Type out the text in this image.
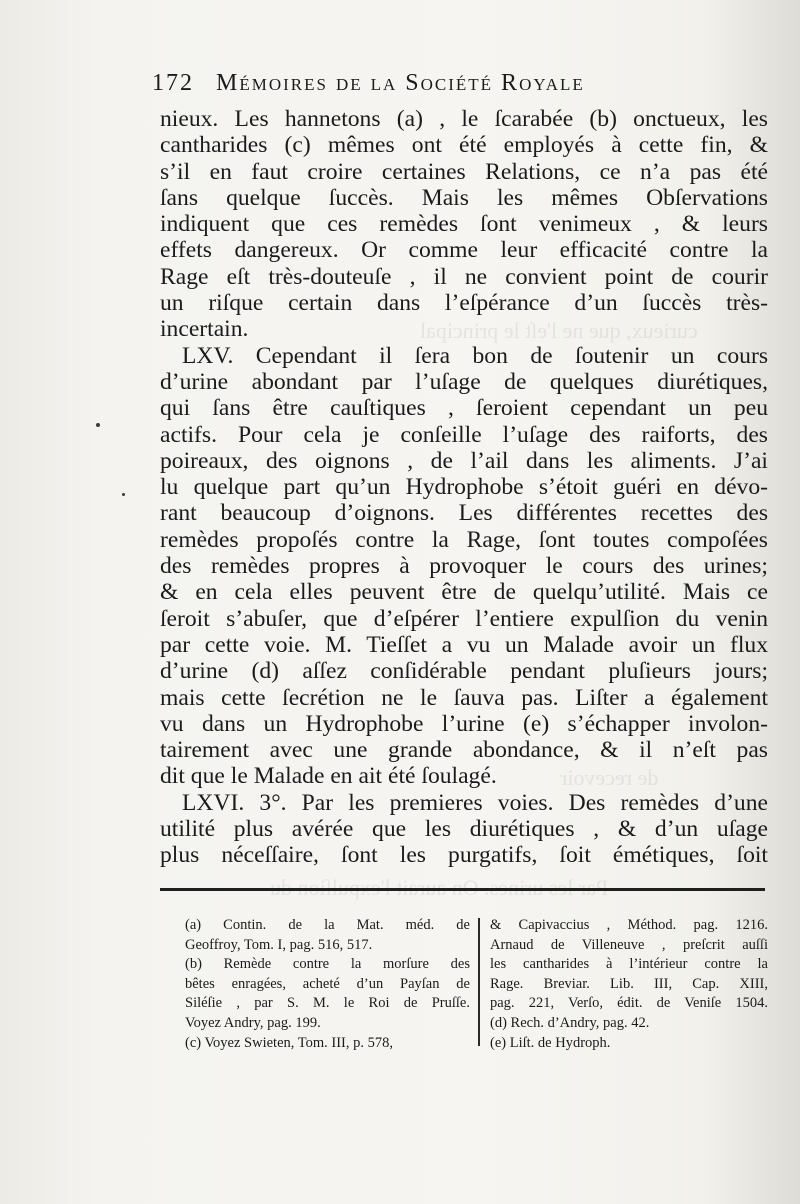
curieux, que ne l'eſt le principal
de recevoir
172 Mémoires de la Société Royale
nieux. Les hannetons (a) , le ſcarabée (b) onctueux, les
cantharides (c) mêmes ont été employés à cette fin, &
s’il en faut croire certaines Relations, ce n’a pas été
ſans quelque ſuccès. Mais les mêmes Obſervations
indiquent que ces remèdes ſont venimeux , & leurs
effets dangereux. Or comme leur efficacité contre la
Rage eſt très-douteuſe , il ne convient point de courir
un riſque certain dans l’eſpérance d’un ſuccès très-
incertain.
LXV. Cependant il ſera bon de ſoutenir un cours
d’urine abondant par l’uſage de quelques diurétiques,
qui ſans être cauſtiques , ſeroient cependant un peu
actifs. Pour cela je conſeille l’uſage des raiforts, des
poireaux, des oignons , de l’ail dans les aliments. J’ai
lu quelque part qu’un Hydrophobe s’étoit guéri en dévo-
rant beaucoup d’oignons. Les différentes recettes des
remèdes propoſés contre la Rage, ſont toutes compoſées
des remèdes propres à provoquer le cours des urines;
& en cela elles peuvent être de quelqu’utilité. Mais ce
ſeroit s’abuſer, que d’eſpérer l’entiere expulſion du venin
par cette voie. M. Tieſſet a vu un Malade avoir un flux
d’urine (d) aſſez conſidérable pendant pluſieurs jours;
mais cette ſecrétion ne le ſauva pas. Liſter a également
vu dans un Hydrophobe l’urine (e) s’échapper involon-
tairement avec une grande abondance, & il n’eſt pas
dit que le Malade en ait été ſoulagé.
LXVI. 3°. Par les premieres voies. Des remèdes d’une
utilité plus avérée que les diurétiques , & d’un uſage
plus néceſſaire, ſont les purgatifs, ſoit émétiques, ſoit
(a) Contin. de la Mat. méd. de
Geoffroy, Tom. I, pag. 516, 517.
(b) Remède contre la morſure des
bêtes enragées, acheté d’un Payſan de
Siléſie , par S. M. le Roi de Pruſſe.
Voyez Andry, pag. 199.
(c) Voyez Swieten, Tom. III, p. 578,
& Capivaccius , Méthod. pag. 1216.
Arnaud de Villeneuve , preſcrit auſſi
les cantharides à l’intérieur contre la
Rage. Breviar. Lib. III, Cap. XIII,
pag. 221, Verſo, édit. de Veniſe 1504.
(d) Rech. d’Andry, pag. 42.
(e) Liſt. de Hydroph.
